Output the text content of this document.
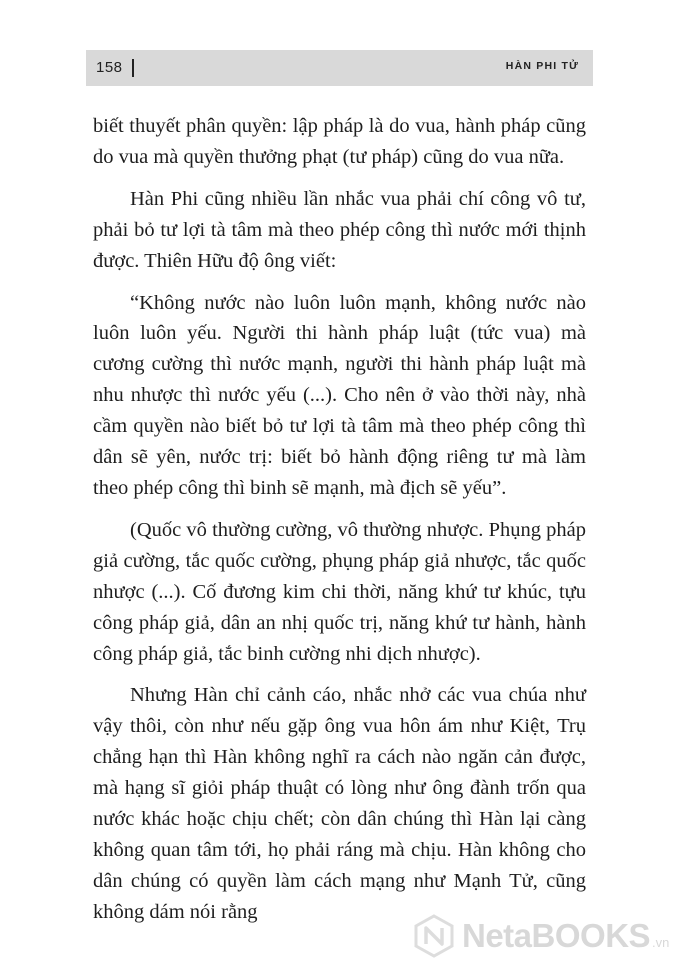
158	HÀN PHI TỬ

biết thuyết phân quyền: lập pháp là do vua, hành pháp cũng do vua mà quyền thưởng phạt (tư pháp) cũng do vua nữa.

Hàn Phi cũng nhiều lần nhắc vua phải chí công vô tư, phải bỏ tư lợi tà tâm mà theo phép công thì nước mới thịnh được. Thiên Hữu độ ông viết:

“Không nước nào luôn luôn mạnh, không nước nào luôn luôn yếu. Người thi hành pháp luật (tức vua) mà cương cường thì nước mạnh, người thi hành pháp luật mà nhu nhược thì nước yếu (...). Cho nên ở vào thời này, nhà cầm quyền nào biết bỏ tư lợi tà tâm mà theo phép công thì dân sẽ yên, nước trị: biết bỏ hành động riêng tư mà làm theo phép công thì binh sẽ mạnh, mà địch sẽ yếu”.

(Quốc vô thường cường, vô thường nhược. Phụng pháp giả cường, tắc quốc cường, phụng pháp giả nhược, tắc quốc nhược (...). Cố đương kim chi thời, năng khứ tư khúc, tựu công pháp giả, dân an nhị quốc trị, năng khứ tư hành, hành công pháp giả, tắc binh cường nhi dịch nhược).

Nhưng Hàn chỉ cảnh cáo, nhắc nhở các vua chúa như vậy thôi, còn như nếu gặp ông vua hôn ám như Kiệt, Trụ chẳng hạn thì Hàn không nghĩ ra cách nào ngăn cản được, mà hạng sĩ giỏi pháp thuật có lòng như ông đành trốn qua nước khác hoặc chịu chết; còn dân chúng thì Hàn lại càng không quan tâm tới, họ phải ráng mà chịu. Hàn không cho dân chúng có quyền làm cách mạng như Mạnh Tử, cũng không dám nói rằng

NetaBOOKS .vn
